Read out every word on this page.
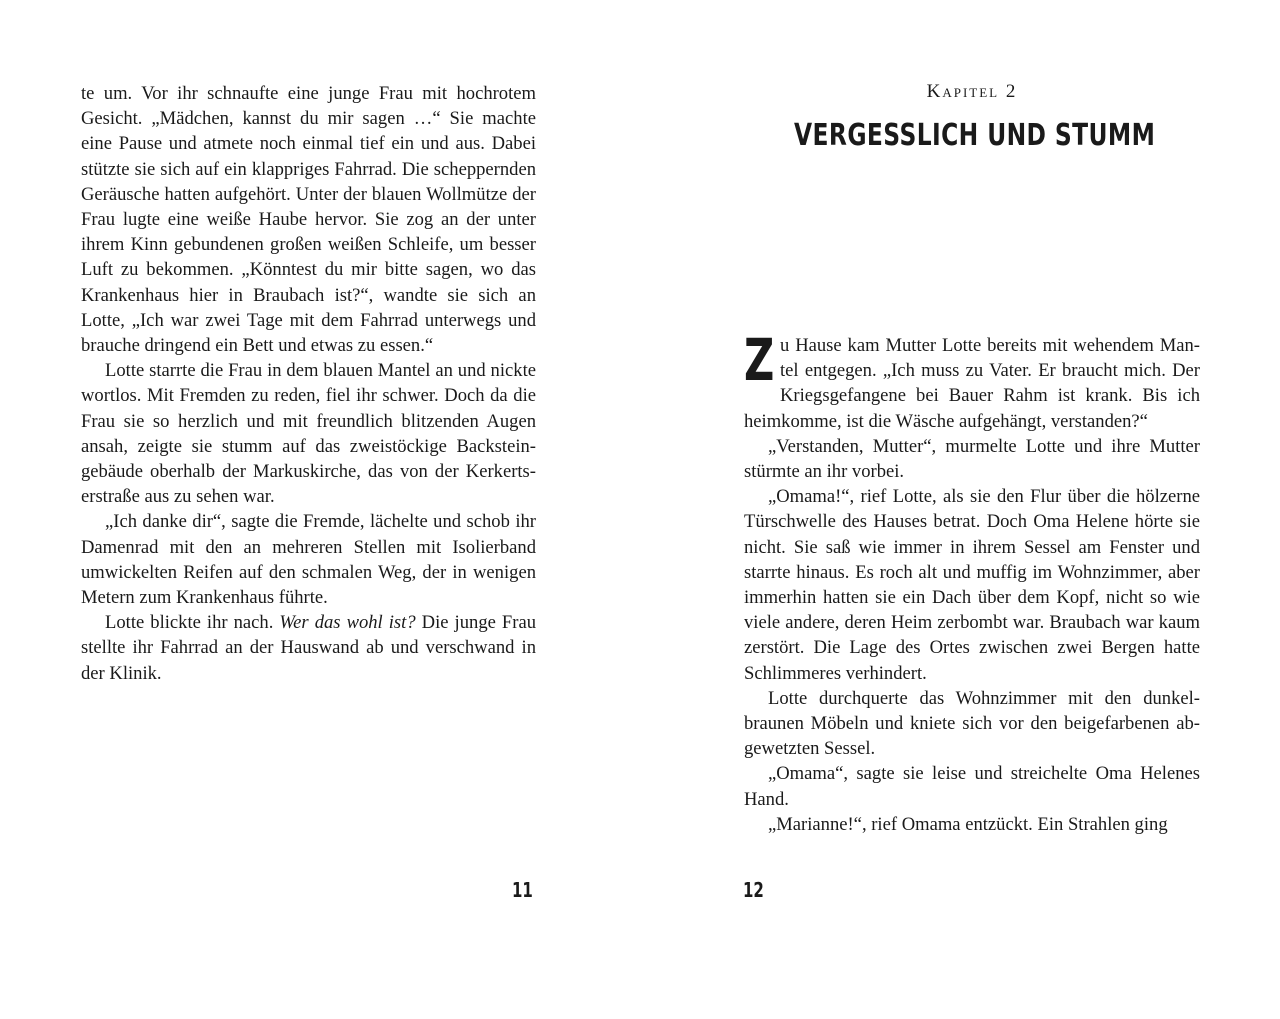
te um. Vor ihr schnaufte eine junge Frau mit hochrotem Gesicht. „Mädchen, kannst du mir sagen …“ Sie machte eine Pause und atmete noch einmal tief ein und aus. Dabei stützte sie sich auf ein klappriges Fahrrad. Die scheppernden Geräusche hatten aufgehört. Unter der blauen Wollmütze der Frau lugte eine weiße Haube hervor. Sie zog an der unter ihrem Kinn gebundenen großen weißen Schleife, um besser Luft zu bekommen. „Könntest du mir bitte sagen, wo das Krankenhaus hier in Braubach ist?“, wandte sie sich an Lotte, „Ich war zwei Tage mit dem Fahrrad unterwegs und brauche dringend ein Bett und etwas zu essen.“

Lotte starrte die Frau in dem blauen Mantel an und nickte wortlos. Mit Fremden zu reden, fiel ihr schwer. Doch da die Frau sie so herzlich und mit freundlich blitzenden Augen ansah, zeigte sie stumm auf das zweistöckige Backsteingebäude oberhalb der Markuskirche, das von der Kerkertserstraße aus zu sehen war.

„Ich danke dir“, sagte die Fremde, lächelte und schob ihr Damenrad mit den an mehreren Stellen mit Isolierband umwickelten Reifen auf den schmalen Weg, der in wenigen Metern zum Krankenhaus führte.

Lotte blickte ihr nach. Wer das wohl ist? Die junge Frau stellte ihr Fahrrad an der Hauswand ab und verschwand in der Klinik.

11
Kapitel 2
VERGESSLICH UND STUMM

Zu Hause kam Mutter Lotte bereits mit wehendem Mantel entgegen. „Ich muss zu Vater. Er braucht mich. Der Kriegsgefangene bei Bauer Rahm ist krank. Bis ich heimkomme, ist die Wäsche aufgehängt, verstanden?“

„Verstanden, Mutter“, murmelte Lotte und ihre Mutter stürmte an ihr vorbei.

„Omama!“, rief Lotte, als sie den Flur über die hölzerne Türschwelle des Hauses betrat. Doch Oma Helene hörte sie nicht. Sie saß wie immer in ihrem Sessel am Fenster und starrte hinaus. Es roch alt und muffig im Wohnzimmer, aber immerhin hatten sie ein Dach über dem Kopf, nicht so wie viele andere, deren Heim zerbombt war. Braubach war kaum zerstört. Die Lage des Ortes zwischen zwei Bergen hatte Schlimmeres verhindert.

Lotte durchquerte das Wohnzimmer mit den dunkelbraunen Möbeln und kniete sich vor den beigefarbenen abgewetzten Sessel.

„Omama“, sagte sie leise und streichelte Oma Helenes Hand.

„Marianne!“, rief Omama entzückt. Ein Strahlen ging

12
